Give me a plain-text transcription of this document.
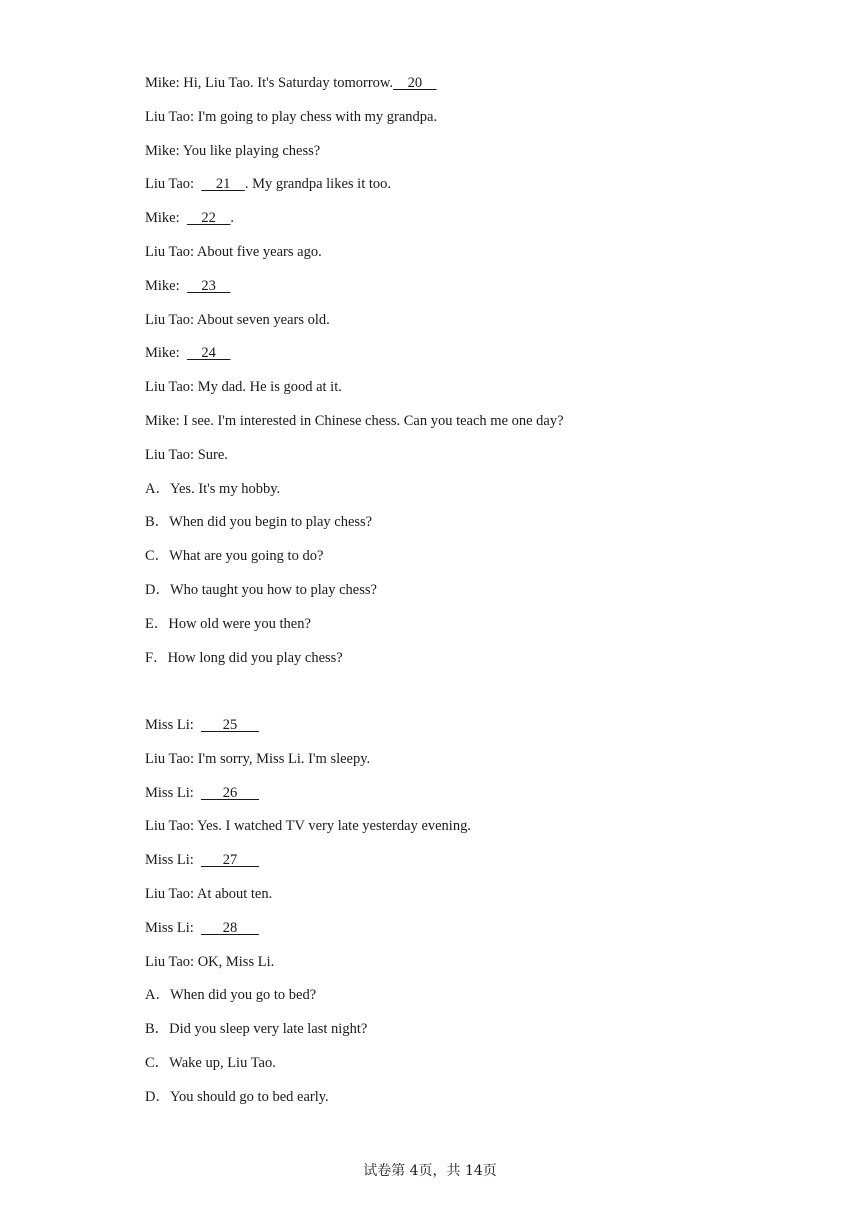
Mike: Hi, Liu Tao. It's Saturday tomorrow.    20
Liu Tao: I'm going to play chess with my grandpa.
Mike: You like playing chess?
Liu Tao:      21    . My grandpa likes it too.
Mike:      22    .
Liu Tao: About five years ago.
Mike:      23
Liu Tao: About seven years old.
Mike:      24
Liu Tao: My dad. He is good at it.
Mike: I see. I'm interested in Chinese chess. Can you teach me one day?
Liu Tao: Sure.
A．Yes. It's my hobby.
B．When did you begin to play chess?
C．What are you going to do?
D．Who taught you how to play chess?
E．How old were you then?
F．How long did you play chess?
Miss Li:        25
Liu Tao: I'm sorry, Miss Li. I'm sleepy.
Miss Li:        26
Liu Tao: Yes. I watched TV very late yesterday evening.
Miss Li:        27
Liu Tao: At about ten.
Miss Li:        28
Liu Tao: OK, Miss Li.
A．When did you go to bed?
B．Did you sleep very late last night?
C．Wake up, Liu Tao.
D．You should go to bed early.
试卷第 4页，共 14页
